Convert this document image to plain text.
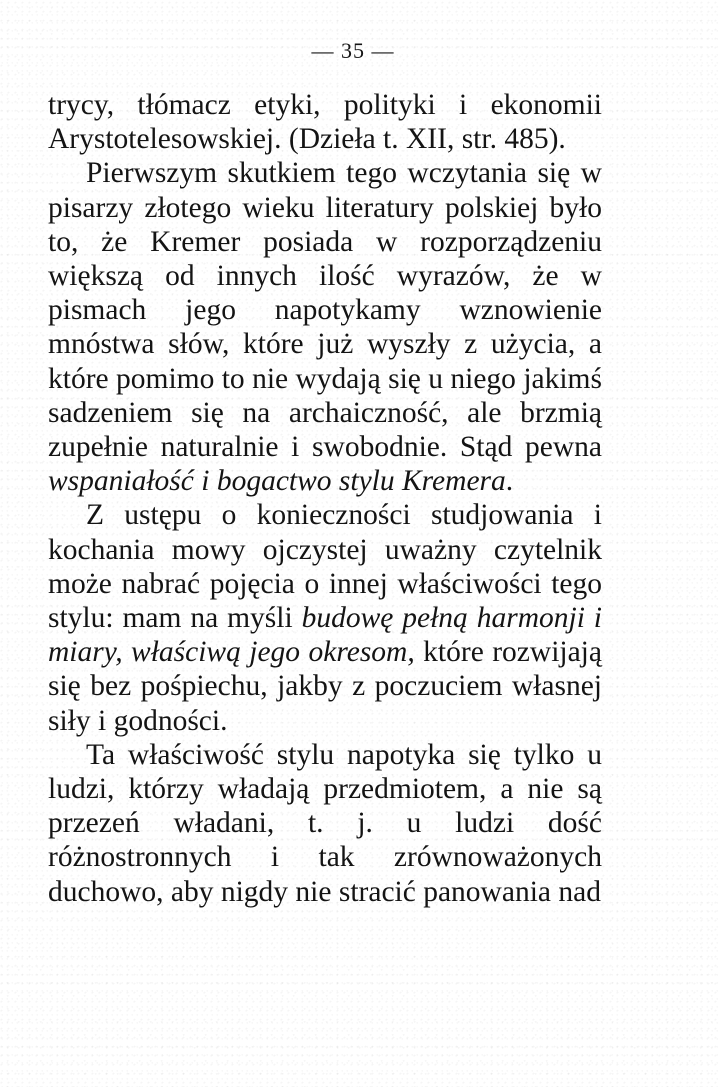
— 35 —

trycy, tłómacz etyki, polityki i ekonomii Arystotelesowskiej. (Dzieła t. XII, str. 485).

Pierwszym skutkiem tego wczytania się w pisarzy złotego wieku literatury polskiej było to, że Kremer posiada w rozporządzeniu większą od innych ilość wyrazów, że w pismach jego napotykamy wznowienie mnóstwa słów, które już wyszły z użycia, a które pomimo to nie wydają się u niego jakimś sadzeniem się na archaiczność, ale brzmią zupełnie naturalnie i swobodnie. Stąd pewna wspaniałość i bogactwo stylu Kremera.

Z ustępu o konieczności studjowania i kochania mowy ojczystej uważny czytelnik może nabrać pojęcia o innej właściwości tego stylu: mam na myśli budowę pełną harmonji i miary, właściwą jego okresom, które rozwijają się bez pośpiechu, jakby z poczuciem własnej siły i godności.

Ta właściwość stylu napotyka się tylko u ludzi, którzy władają przedmiotem, a nie są przezeń władani, t. j. u ludzi dość różnostronnych i tak zrównoważonych duchowo, aby nigdy nie stracić panowania nad
